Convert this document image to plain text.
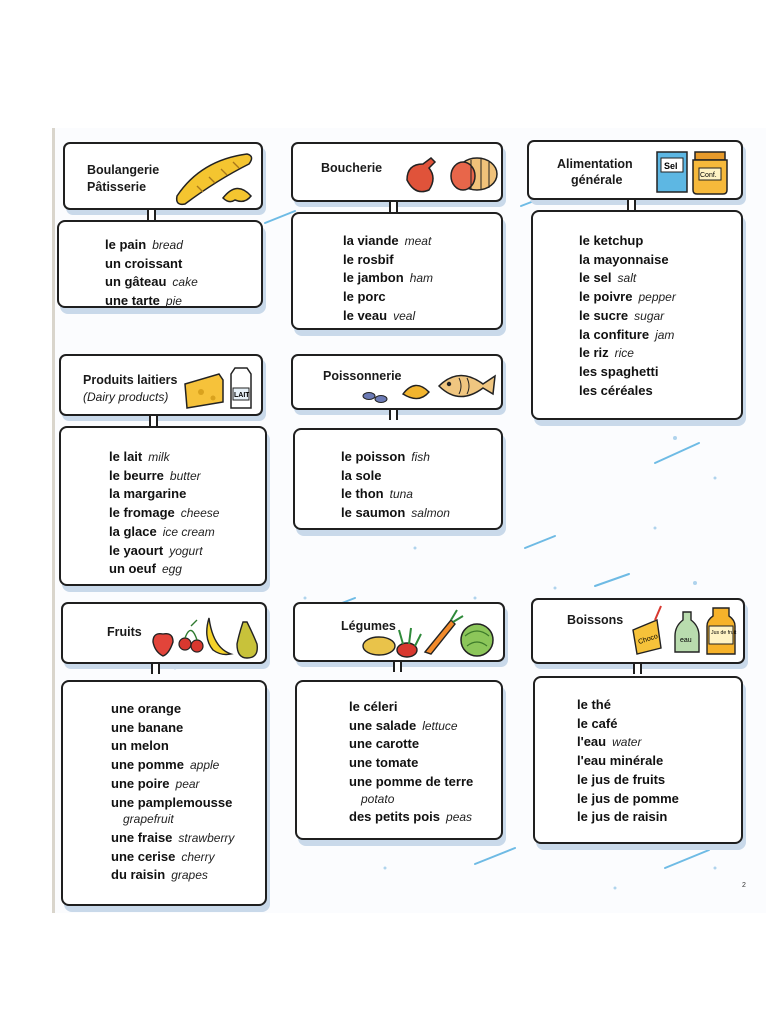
Boulangerie
Pâtisserie
le pain bread
un croissant
un gâteau cake
une tarte pie
Boucherie
la viande meat
le rosbif
le jambon ham
le porc
le veau veal
Alimentation
générale
Sel
Conf.
le ketchup
la mayonnaise
le sel salt
le poivre pepper
le sucre sugar
la confiture jam
le riz rice
les spaghetti
les céréales
Produits laitiers
(Dairy products)	LAIT
le lait milk
le beurre butter
la margarine
le fromage cheese
la glace ice cream
le yaourt yogurt
un oeuf egg
Poissonnerie
le poisson fish
la sole
le thon tuna
le saumon salmon
Fruits
une orange
une banane
un melon
une pomme apple
une poire pear
une pamplemousse
grapefruit
une fraise strawberry
une cerise cherry
du raisin grapes
Légumes
le céleri
une salade lettuce
une carotte
une tomate
une pomme de terre
potato
des petits pois peas
Boissons
Choco	eau
Jus de fruit
le thé
le café
l'eau water
l'eau minérale
le jus de fruits
le jus de pomme
le jus de raisin
2
